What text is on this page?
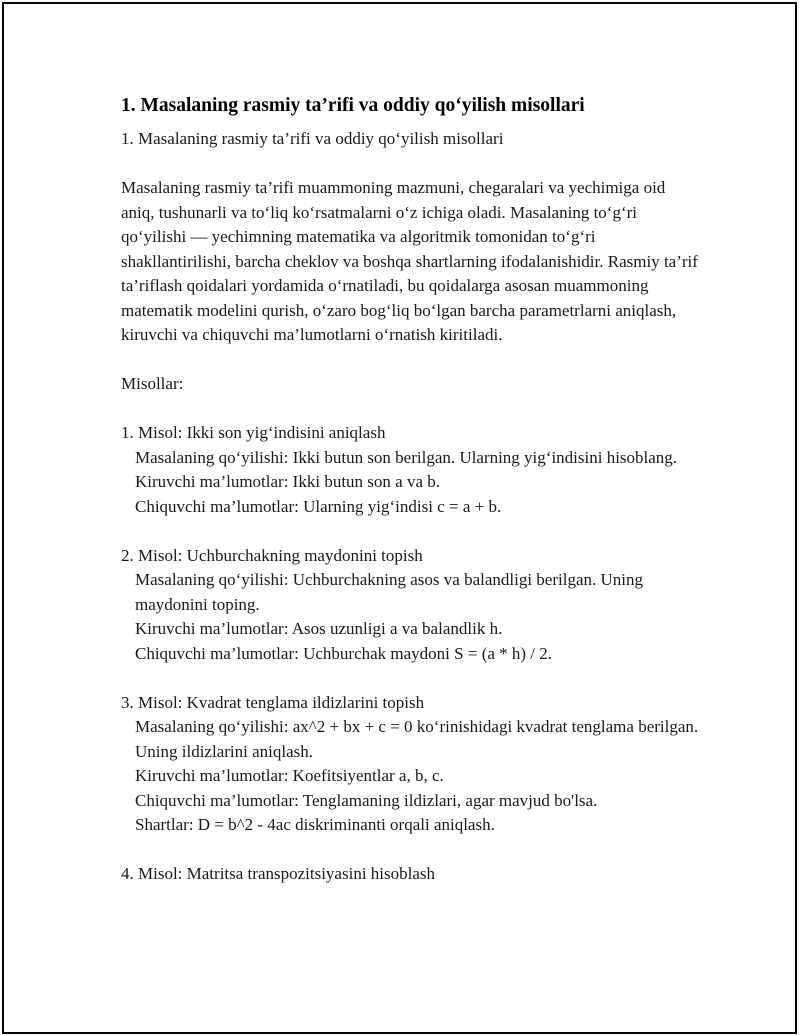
1. Masalaning rasmiy ta’rifi va oddiy qo‘yilish misollari

1. Masalaning rasmiy ta’rifi va oddiy qo‘yilish misollari

Masalaning rasmiy ta’rifi muammoning mazmuni, chegaralari va yechimiga oid aniq, tushunarli va to‘liq ko‘rsatmalarni o‘z ichiga oladi. Masalaning to‘g‘ri qo‘yilishi — yechimning matematika va algoritmik tomonidan to‘g‘ri shakllantirilishi, barcha cheklov va boshqa shartlarning ifodalanishidir. Rasmiy ta’rif ta’riflash qoidalari yordamida o‘rnatiladi, bu qoidalarga asosan muammoning matematik modelini qurish, o‘zaro bog‘liq bo‘lgan barcha parametrlarni aniqlash, kiruvchi va chiquvchi ma’lumotlarni o‘rnatish kiritiladi.

Misollar:

1. Misol: Ikki son yig‘indisini aniqlash

Masalaning qo‘yilishi: Ikki butun son berilgan. Ularning yig‘indisini hisoblang.

Kiruvchi ma’lumotlar: Ikki butun son a va b.

Chiquvchi ma’lumotlar: Ularning yig‘indisi c = a + b.

2. Misol: Uchburchakning maydonini topish

Masalaning qo‘yilishi: Uchburchakning asos va balandligi berilgan. Uning maydonini toping.

Kiruvchi ma’lumotlar: Asos uzunligi a va balandlik h.

Chiquvchi ma’lumotlar: Uchburchak maydoni S = (a * h) / 2.

3. Misol: Kvadrat tenglama ildizlarini topish

Masalaning qo‘yilishi: ax^2 + bx + c = 0 ko‘rinishidagi kvadrat tenglama berilgan. Uning ildizlarini aniqlash.

Kiruvchi ma’lumotlar: Koefitsiyentlar a, b, c.

Chiquvchi ma’lumotlar: Tenglamaning ildizlari, agar mavjud bo'lsa.

Shartlar: D = b^2 - 4ac diskriminanti orqali aniqlash.

4. Misol: Matritsa transpozitsiyasini hisoblash
